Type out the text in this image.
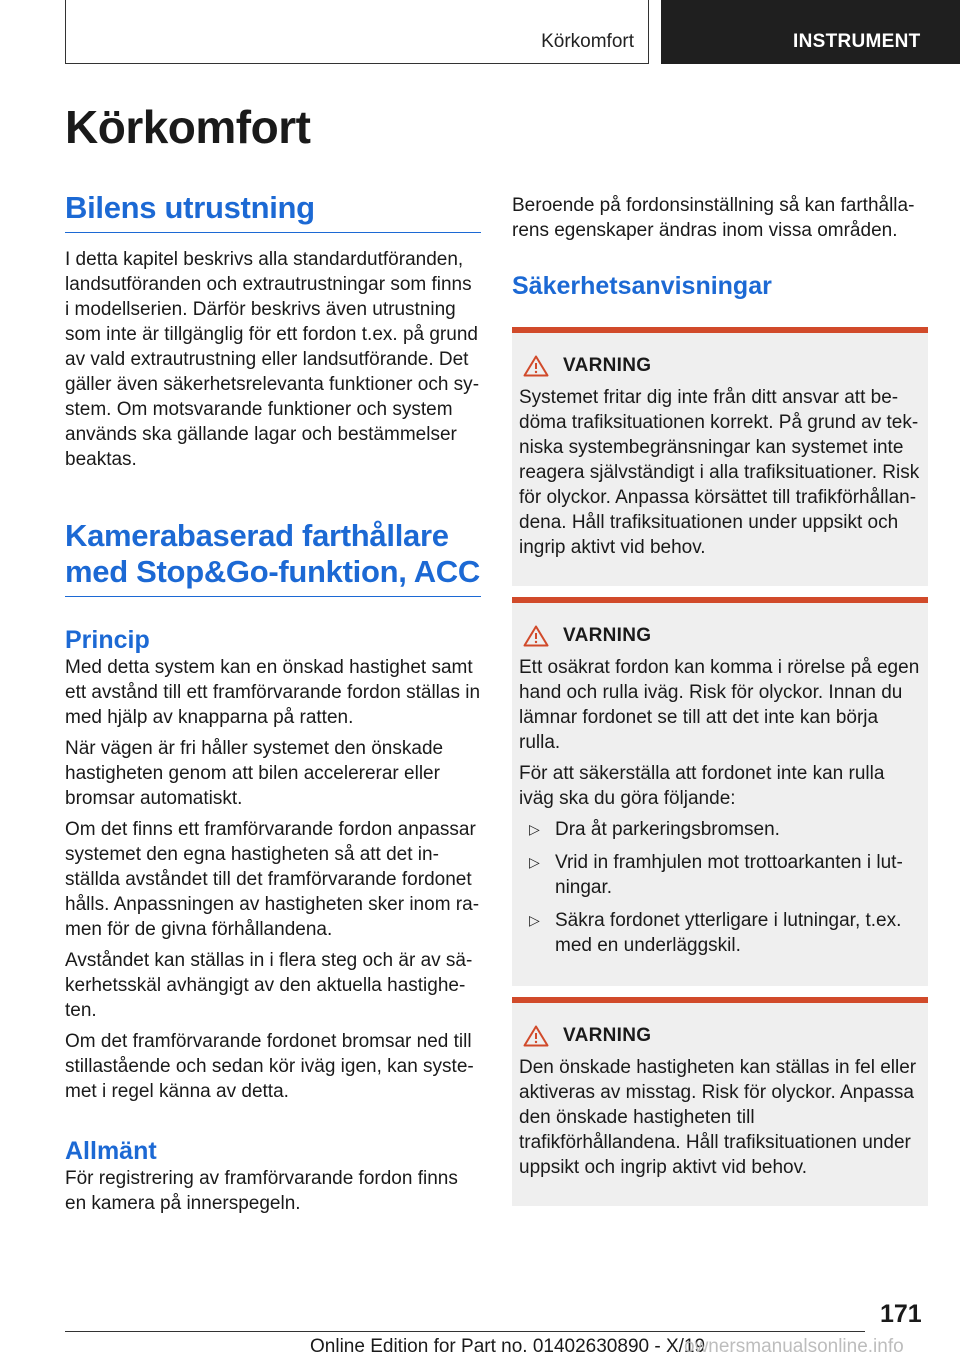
Körkomfort	INSTRUMENT
Körkomfort
Bilens utrustning

I detta kapitel beskrivs alla standardutföranden, landsutföranden och extrautrustningar som finns i modellserien. Därför beskrivs även utrustning som inte är tillgänglig för ett fordon t.ex. på grund av vald extrautrustning eller landsutförande. Det gäller även säkerhetsrelevanta funktioner och system. Om motsvarande funktioner och system används ska gällande lagar och bestämmelser beaktas.

Kamerabaserad farthållare med Stop&Go-funktion, ACC
Princip

Med detta system kan en önskad hastighet samt ett avstånd till ett framförvarande fordon ställas in med hjälp av knapparna på ratten.

När vägen är fri håller systemet den önskade hastigheten genom att bilen accelererar eller bromsar automatiskt.

Om det finns ett framförvarande fordon anpassar systemet den egna hastigheten så att det inställda avståndet till det framförvarande fordonet hålls. Anpassningen av hastigheten sker inom ramen för de givna förhållandena.

Avståndet kan ställas in i flera steg och är av säkerhetsskäl avhängigt av den aktuella hastigheten.

Om det framförvarande fordonet bromsar ned till stillastående och sedan kör iväg igen, kan systemet i regel känna av detta.

Allmänt

För registrering av framförvarande fordon finns en kamera på innerspegeln.

Beroende på fordonsinställning så kan farthållarens egenskaper ändras inom vissa områden.

Säkerhetsanvisningar
VARNING

Systemet fritar dig inte från ditt ansvar att bedöma trafiksituationen korrekt. På grund av tekniska systembegränsningar kan systemet inte reagera självständigt i alla trafiksituationer. Risk för olyckor. Anpassa körsättet till trafikförhållandena. Håll trafiksituationen under uppsikt och ingrip aktivt vid behov.

VARNING

Ett osäkrat fordon kan komma i rörelse på egen hand och rulla iväg. Risk för olyckor. Innan du lämnar fordonet se till att det inte kan börja rulla.

För att säkerställa att fordonet inte kan rulla iväg ska du göra följande:

▷ Dra åt parkeringsbromsen.
▷ Vrid in framhjulen mot trottoarkanten i lutningar.
▷ Säkra fordonet ytterligare i lutningar, t.ex. med en underläggskil.
VARNING

Den önskade hastigheten kan ställas in fel eller aktiveras av misstag. Risk för olyckor. Anpassa den önskade hastigheten till trafikförhållandena. Håll trafiksituationen under uppsikt och ingrip aktivt vid behov.

171
Online Edition for Part no. 01402630890 - X/19
ownersmanualsonline.info
